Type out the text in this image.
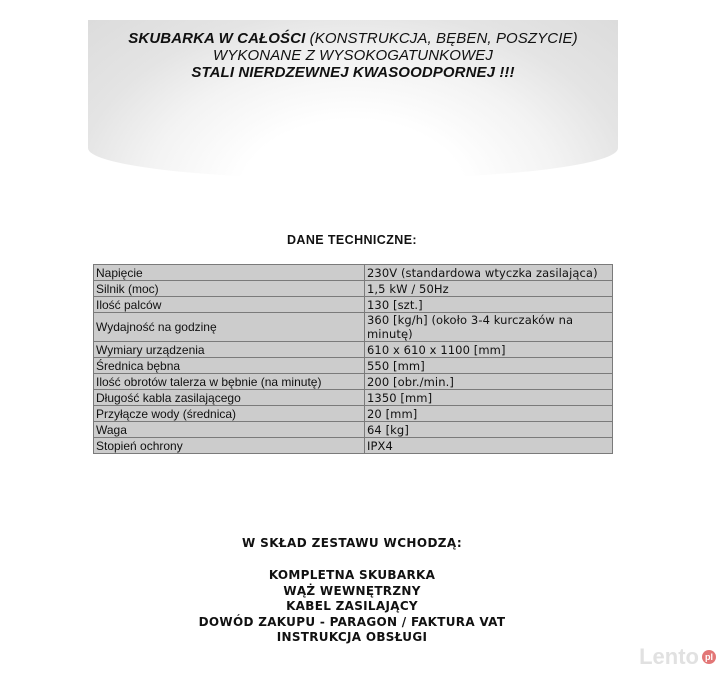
SKUBARKA W CAŁOŚCI (KONSTRUKCJA, BĘBEN, POSZYCIE)
WYKONANE Z WYSOKOGATUNKOWEJ
STALI NIERDZEWNEJ KWASOODPORNEJ !!!
DANE TECHNICZNE:
Napięcie	230V (standardowa wtyczka zasilająca)
Silnik (moc)	1,5 kW / 50Hz
Ilość palców	130 [szt.]
Wydajność na godzinę	360 [kg/h] (około 3-4 kurczaków na minutę)
Wymiary urządzenia	610 x 610 x 1100 [mm]
Średnica bębna	550 [mm]
Ilość obrotów talerza w bębnie (na minutę)	200 [obr./min.]
Długość kabla zasilającego	1350 [mm]
Przyłącze wody (średnica)	20 [mm]
Waga	64 [kg]
Stopień ochrony	IPX4
W SKŁAD ZESTAWU WCHODZĄ:
KOMPLETNA SKUBARKA
WĄŻ WEWNĘTRZNY
KABEL ZASILAJĄCY
DOWÓD ZAKUPU - PARAGON / FAKTURA VAT
INSTRUKCJA OBSŁUGI
Lento pl
